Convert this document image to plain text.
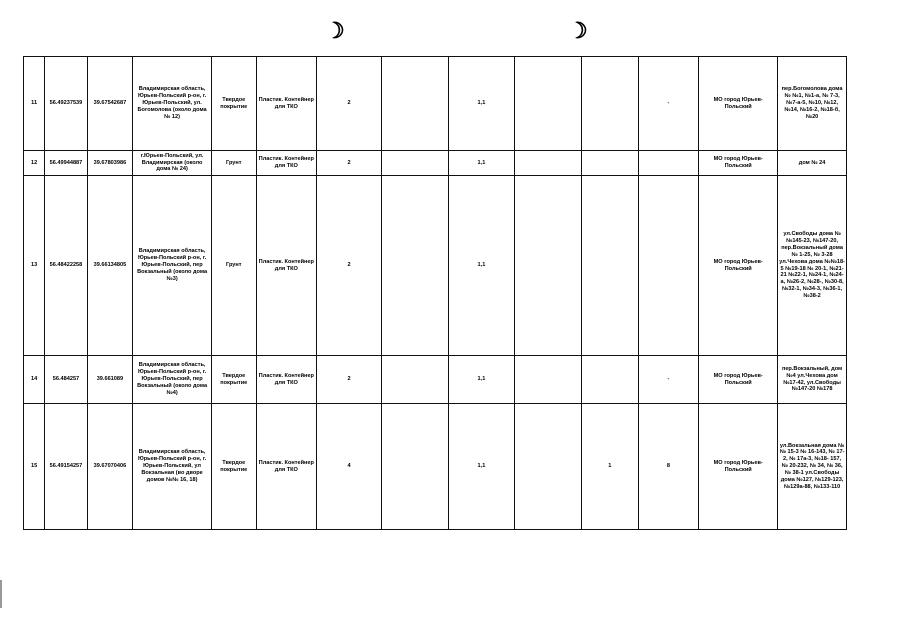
☽	☽
11	56.49237539	39.67542687	Владимирская область, Юрьев-Польский р-он, г. Юрьев-Польский, ул. Богомолова (около дома № 12)	Твердое покрытие	Пластик. Контейнер для ТКО	2		1,1			-	МО город Юрьев-Польский	пер.Богомолова дома № №1, №1-а, № 7-3, №7-а-5, №10, №12, №14, №16-2, №18-б, №20
12	56.49944887	39.67803986	г.Юрьев-Польский, ул. Владимирская (около дома № 24)	Грунт	Пластик. Контейнер для ТКО	2		1,1				МО город Юрьев-Польский	дом № 24
13	56.48422258	39.66134805	Владимирская область, Юрьев-Польский р-он, г. Юрьев-Польский, пер Вокзальный (около дома №3)	Грунт	Пластик. Контейнер для ТКО	2		1,1				МО город Юрьев-Польский	ул.Свободы дома №№145-23, №147-20, пер.Вокзальный дома № 1-25, № 3-28 ул.Чехова дома №№18-5 №19-18 № 20-1, №21-21 №22-1, №24-1, №24-а, №26-2, №28-, №30-8, №32-1, №34-3, №36-1, №38-2
14	56.484257	39.661089	Владимирская область, Юрьев-Польский р-он, г. Юрьев-Польский, пер Вокзальный (около дома №4)	Твердое покрытие	Пластик. Контейнер для ТКО	2		1,1			-	МО город Юрьев-Польский	пер.Вокзальный, дом №4 ул.Чехова дом №17-42, ул.Свободы №147-20 №178
15	56.49154257	39.67070406	Владимирская область, Юрьев-Польский р-он, г. Юрьев-Польский, ул Вокзальная (во дворе домов №№ 16, 18)	Твердое покрытие	Пластик. Контейнер для ТКО	4		1,1		1	8	МО город Юрьев-Польский	ул.Вокзальная дома № № 15-3 № 16-143, № 17-2, № 17а-3, №18- 157, № 20-232, № 34, № 36, № 38-1 ул.Свободы дома №127, №129-123, №129а-88, №133-110
